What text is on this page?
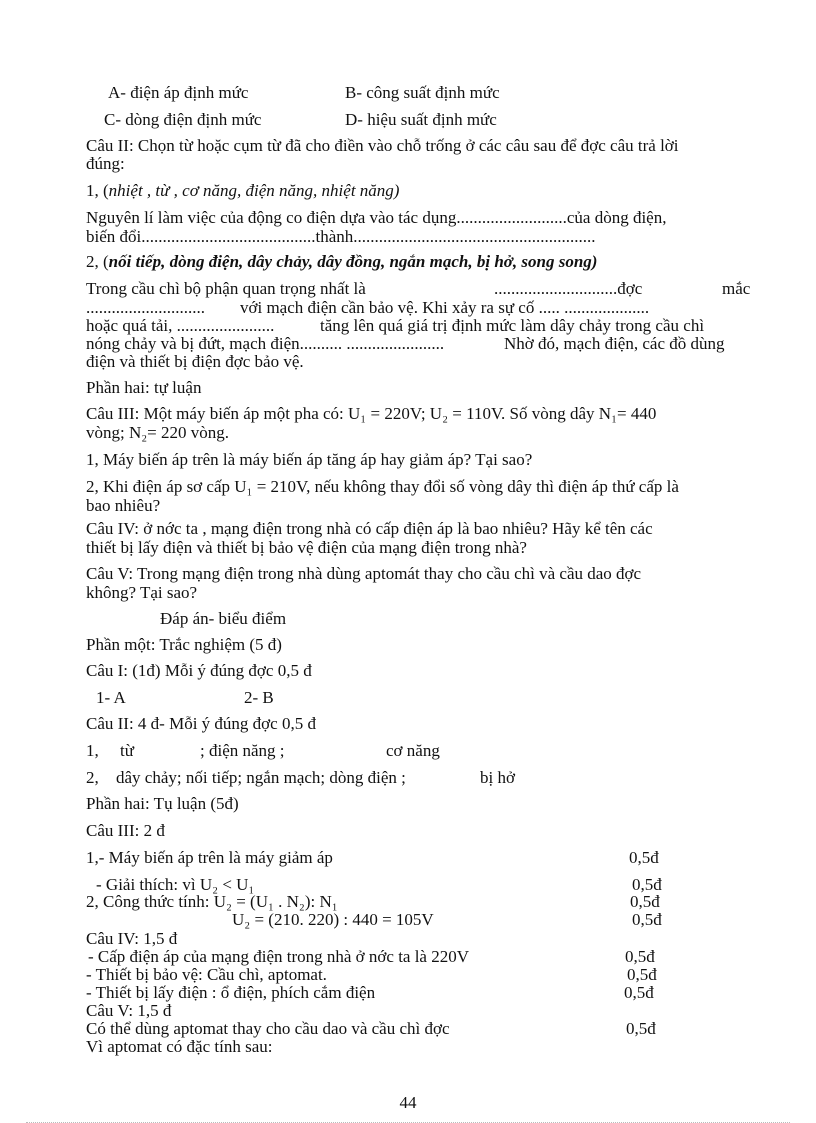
A- điện áp định mức	B- công suất định mức
C- dòng điện định mức	D- hiệu suất định mức
Câu II: Chọn từ hoặc cụm từ đã cho điền vào chỗ trống ở các câu sau để đợc câu trả lời
đúng:
1, (nhiệt , từ , cơ năng, điện năng, nhiệt năng)
Nguyên lí làm việc của động co điện dựa vào tác dụng..........................của dòng điện,
biến đổi.........................................thành.........................................................
2, (nối tiếp, dòng điện, dây chảy, dây đồng, ngắn mạch, bị hở, song song)
Trong cầu chì bộ phận quan trọng nhất là	.............................đợc	mắc
............................ với mạch điện cần bảo vệ. Khi xảy ra sự cố ..... ....................
hoặc quá tải, .......................	tăng lên quá giá trị định mức làm dây chảy trong cầu chì
nóng chảy và bị đứt, mạch điện.......... .......................	Nhờ đó, mạch điện, các đồ dùng
điện và thiết bị điện đợc bảo vệ.
Phần hai: tự luận
Câu III: Một máy biến áp một pha có: U₁ = 220V; U₂ = 110V. Số vòng dây N₁= 440
vòng; N₂= 220 vòng.
1, Máy biến áp trên là máy biến áp tăng áp hay giảm áp? Tại sao?
2, Khi điện áp sơ cấp U₁ = 210V, nếu không thay đổi số vòng dây thì điện áp thứ cấp là
bao nhiêu?
Câu IV: ở nớc ta , mạng điện trong nhà có cấp điện áp là bao nhiêu? Hãy kể tên các
thiết bị lấy điện và thiết bị bảo vệ điện của mạng điện trong nhà?
Câu V: Trong mạng điện trong nhà dùng aptomát thay cho cầu chì và cầu dao đợc
không? Tại sao?
Đáp án- biểu điểm
Phần một: Trắc nghiệm (5 đ)
Câu I: (1đ) Mỗi ý đúng đợc 0,5 đ
1- A	2- B
Câu II: 4 đ- Mỗi ý đúng đợc 0,5 đ
1, từ	; điện năng ;	cơ năng
2, dây chảy; nối tiếp; ngắn mạch; dòng điện ;	bị hở
Phần hai: Tụ luận (5đ)
Câu III: 2 đ
1,- Máy biến áp trên là máy giảm áp	0,5đ
- Giải thích: vì U₂ < U₁	0,5đ
2, Công thức tính: U₂ = (U₁ . N₂): N₁	0,5đ
U₂ = (210. 220) : 440 = 105V	0,5đ
Câu IV: 1,5 đ
- Cấp điện áp của mạng điện trong nhà ở nớc ta là 220V	0,5đ
- Thiết bị bảo vệ: Cầu chì, aptomat.	0,5đ
- Thiết bị lấy điện : ổ điện, phích cắm điện	0,5đ
Câu V: 1,5 đ
Có thể dùng aptomat thay cho cầu dao và cầu chì đợc	0,5đ
Vì aptomat có đặc tính sau:
44
